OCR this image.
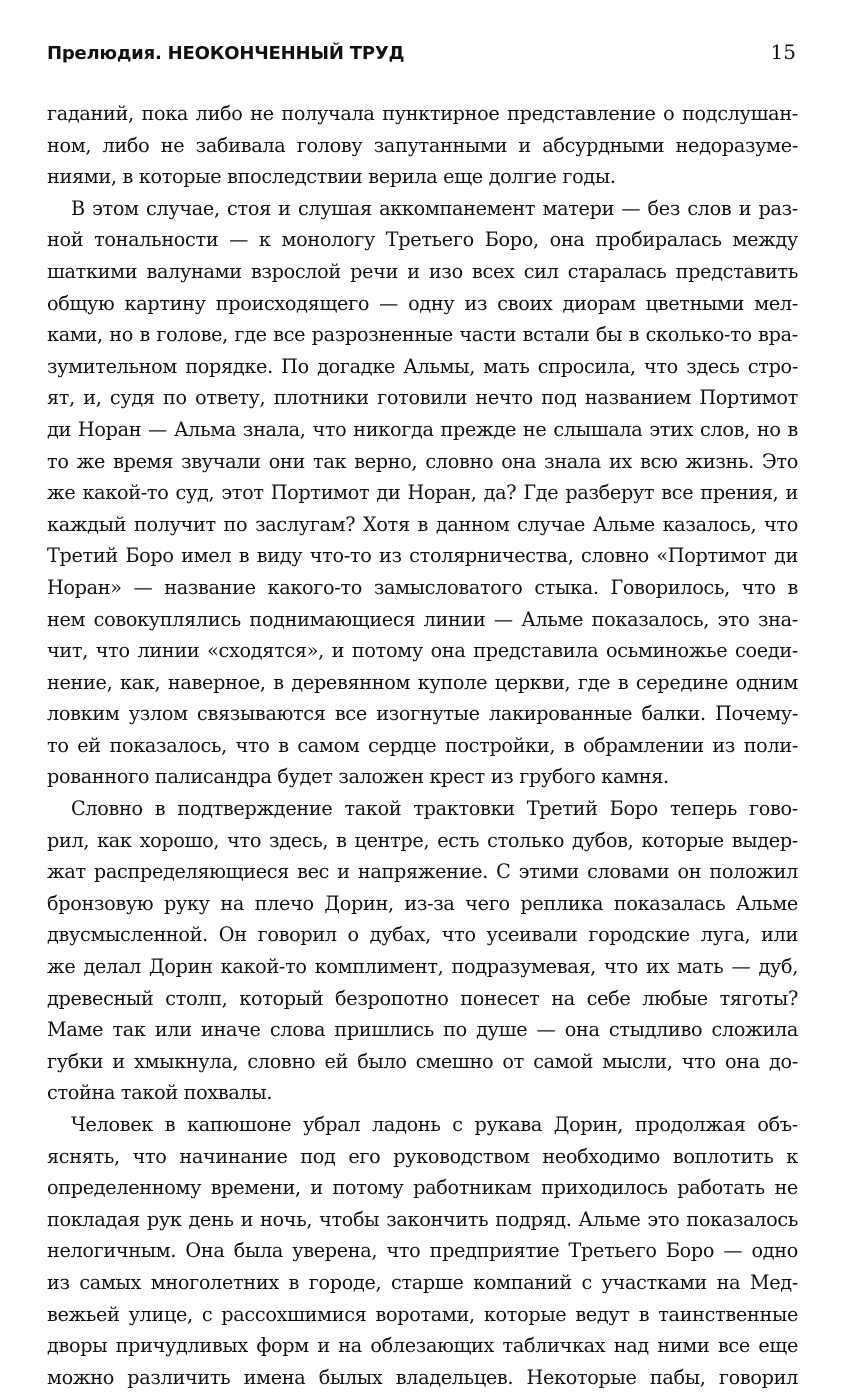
Прелюдия. НЕОКОНЧЕННЫЙ ТРУД	15
гаданий, пока либо не получала пунктирное представление о подслушан-
ном, либо не забивала голову запутанными и абсурдными недоразуме-
ниями, в которые впоследствии верила еще долгие годы.
В этом случае, стоя и слушая аккомпанемент матери — без слов и раз-
ной тональности — к монологу Третьего Боро, она пробиралась между
шаткими валунами взрослой речи и изо всех сил старалась представить
общую картину происходящего — одну из своих диорам цветными мел-
ками, но в голове, где все разрозненные части встали бы в сколько-то вра-
зумительном порядке. По догадке Альмы, мать спросила, что здесь стро-
ят, и, судя по ответу, плотники готовили нечто под названием Портимот
ди Норан — Альма знала, что никогда прежде не слышала этих слов, но в
то же время звучали они так верно, словно она знала их всю жизнь. Это
же какой-то суд, этот Портимот ди Норан, да? Где разберут все прения, и
каждый получит по заслугам? Хотя в данном случае Альме казалось, что
Третий Боро имел в виду что-то из столярничества, словно «Портимот ди
Норан» — название какого-то замысловатого стыка. Говорилось, что в
нем совокуплялись поднимающиеся линии — Альме показалось, это зна-
чит, что линии «сходятся», и потому она представила осьминожье соеди-
нение, как, наверное, в деревянном куполе церкви, где в середине одним
ловким узлом связываются все изогнутые лакированные балки. Почему-
то ей показалось, что в самом сердце постройки, в обрамлении из поли-
рованного палисандра будет заложен крест из грубого камня.
Словно в подтверждение такой трактовки Третий Боро теперь гово-
рил, как хорошо, что здесь, в центре, есть столько дубов, которые выдер-
жат распределяющиеся вес и напряжение. С этими словами он положил
бронзовую руку на плечо Дорин, из-за чего реплика показалась Альме
двусмысленной. Он говорил о дубах, что усеивали городские луга, или
же делал Дорин какой-то комплимент, подразумевая, что их мать — дуб,
древесный столп, который безропотно понесет на себе любые тяготы?
Маме так или иначе слова пришлись по душе — она стыдливо сложила
губки и хмыкнула, словно ей было смешно от самой мысли, что она до-
стойна такой похвалы.
Человек в капюшоне убрал ладонь с рукава Дорин, продолжая объ-
яснять, что начинание под его руководством необходимо воплотить к
определенному времени, и потому работникам приходилось работать не
покладая рук день и ночь, чтобы закончить подряд. Альме это показалось
нелогичным. Она была уверена, что предприятие Третьего Боро — одно
из самых многолетних в городе, старше компаний с участками на Мед-
вежьей улице, с рассохшимися воротами, которые ведут в таинственные
дворы причудливых форм и на облезающих табличках над ними все еще
можно различить имена былых владельцев. Некоторые пабы, говорил
